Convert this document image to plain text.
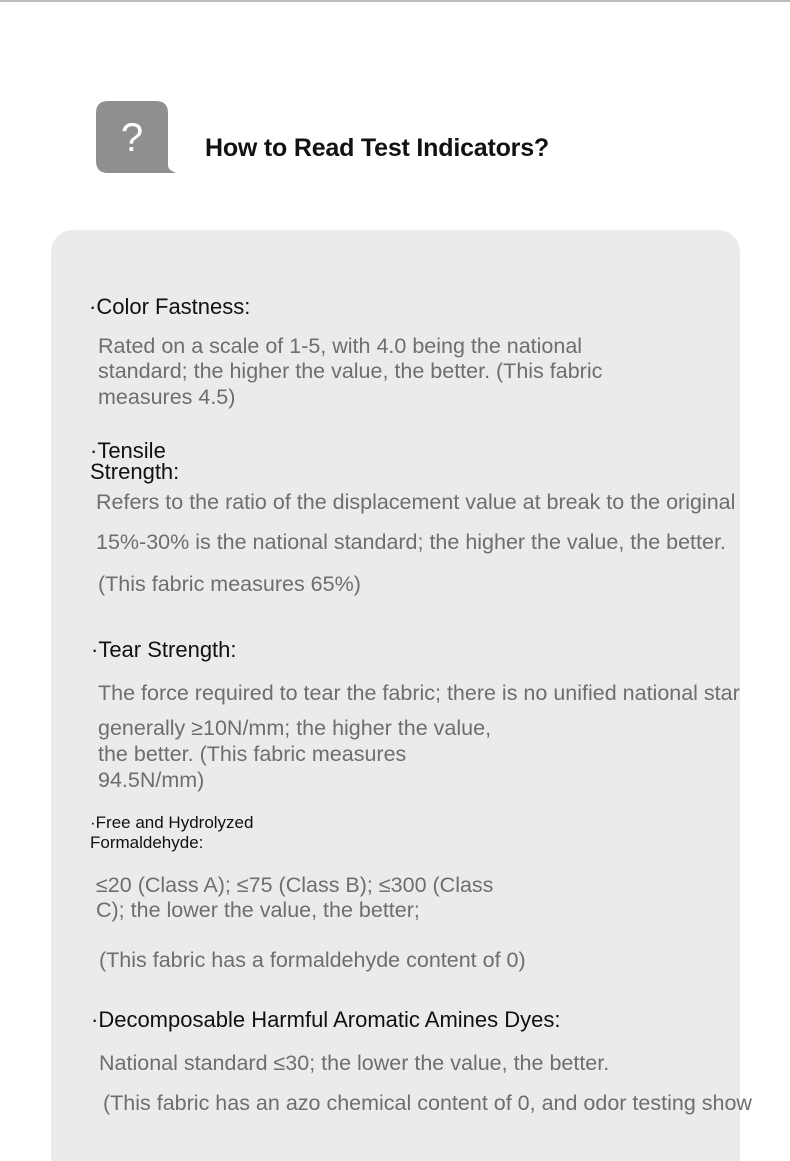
? How to Read Test Indicators?
·Color Fastness:
Rated on a scale of 1-5, with 4.0 being the national
standard; the higher the value, the better. (This fabric
measures 4.5)
·Tensile
Strength:
Refers to the ratio of the displacement value at break to the original
15%-30% is the national standard; the higher the value, the better.
(This fabric measures 65%)
·Tear Strength:
The force required to tear the fabric; there is no unified national star
generally ≥10N/mm; the higher the value,
the better. (This fabric measures
94.5N/mm)
·Free and Hydrolyzed
Formaldehyde:
≤20 (Class A); ≤75 (Class B); ≤300 (Class
C); the lower the value, the better;
(This fabric has a formaldehyde content of 0)
·Decomposable Harmful Aromatic Amines Dyes:
National standard ≤30; the lower the value, the better.
(This fabric has an azo chemical content of 0, and odor testing show
